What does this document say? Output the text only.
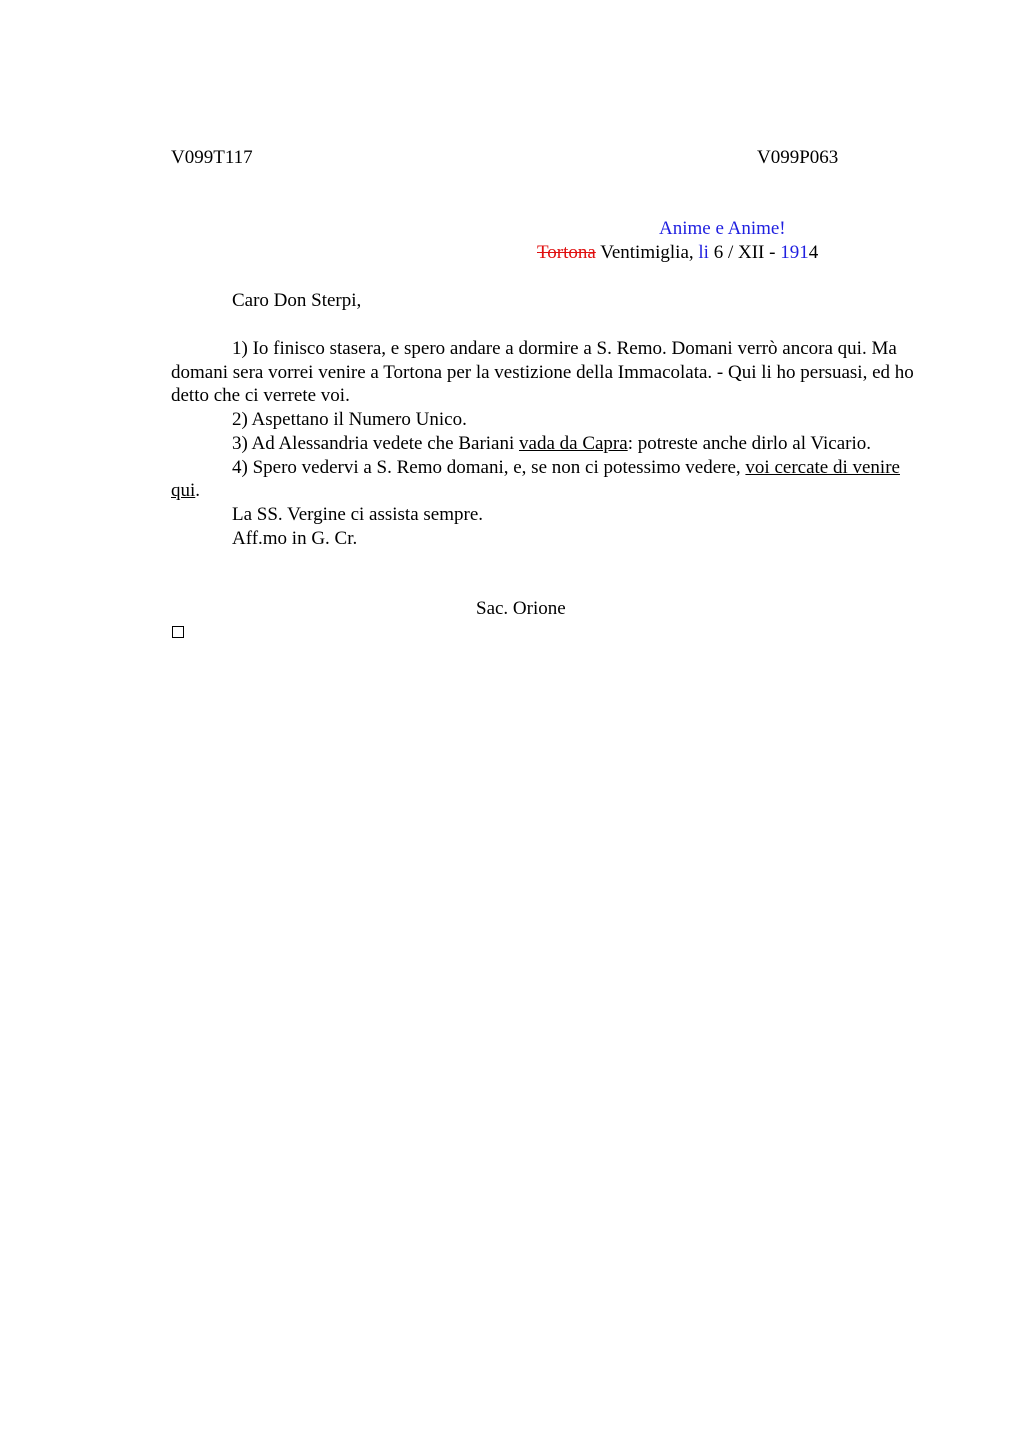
V099T117	V099P063
Anime e Anime!
Tortona Ventimiglia, li 6 / XII - 1914
Caro Don Sterpi,

1) Io finisco stasera, e spero andare a dormire a S. Remo. Domani verrò ancora qui. Ma domani sera vorrei venire a Tortona per la vestizione della Immacolata. - Qui li ho persuasi, ed ho detto che ci verrete voi.

2) Aspettano il Numero Unico.

3) Ad Alessandria vedete che Bariani vada da Capra: potreste anche dirlo al Vicario.

4) Spero vedervi a S. Remo domani, e, se non ci potessimo vedere, voi cercate di venire qui.

La SS. Vergine ci assista sempre.

Aff.mo in G. Cr.

Sac. Orione
